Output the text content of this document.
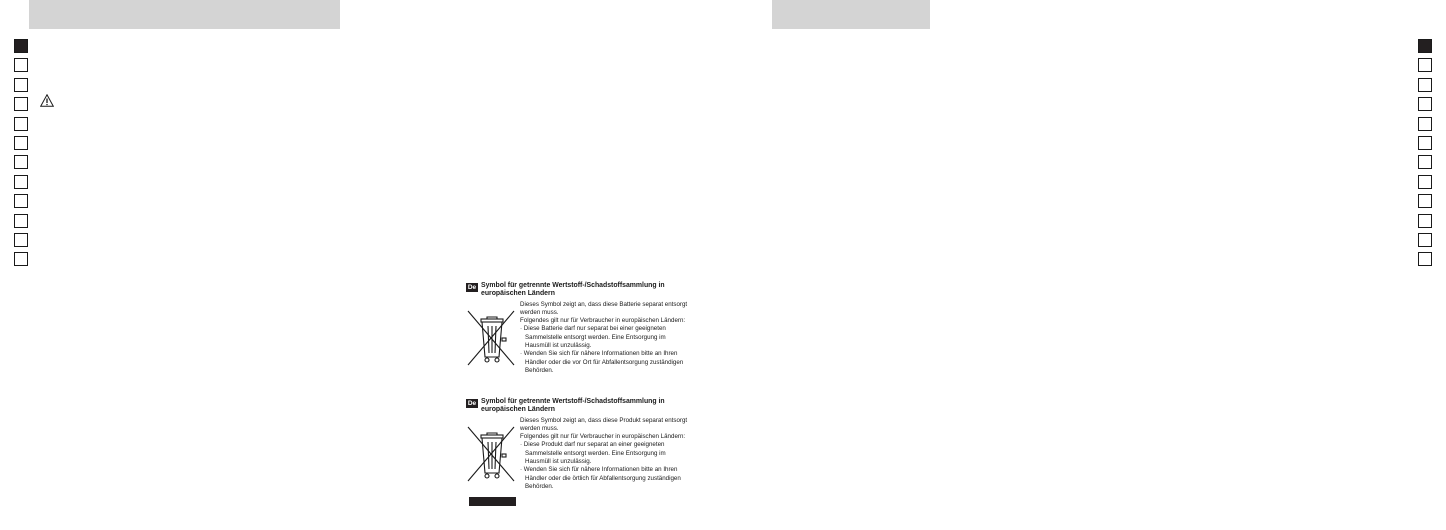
De Symbol für getrennte Wertstoff-/Schadstoffsammlung in europäischen Ländern
Dieses Symbol zeigt an, dass diese Batterie separat entsorgt werden muss.
Folgendes gilt nur für Verbraucher in europäischen Ländern:
· Diese Batterie darf nur separat bei einer geeigneten Sammelstelle entsorgt werden. Eine Entsorgung im Hausmüll ist unzulässig.
· Wenden Sie sich für nähere Informationen bitte an Ihren Händler oder die vor Ort für Abfallentsorgung zuständigen Behörden.
De Symbol für getrennte Wertstoff-/Schadstoffsammlung in europäischen Ländern
Dieses Symbol zeigt an, dass diese Produkt separat entsorgt werden muss.
Folgendes gilt nur für Verbraucher in europäischen Ländern:
· Diese Produkt darf nur separat an einer geeigneten Sammelstelle entsorgt werden. Eine Entsorgung im Hausmüll ist unzulässig.
· Wenden Sie sich für nähere Informationen bitte an Ihren Händler oder die örtlich für Abfallentsorgung zuständigen Behörden.
